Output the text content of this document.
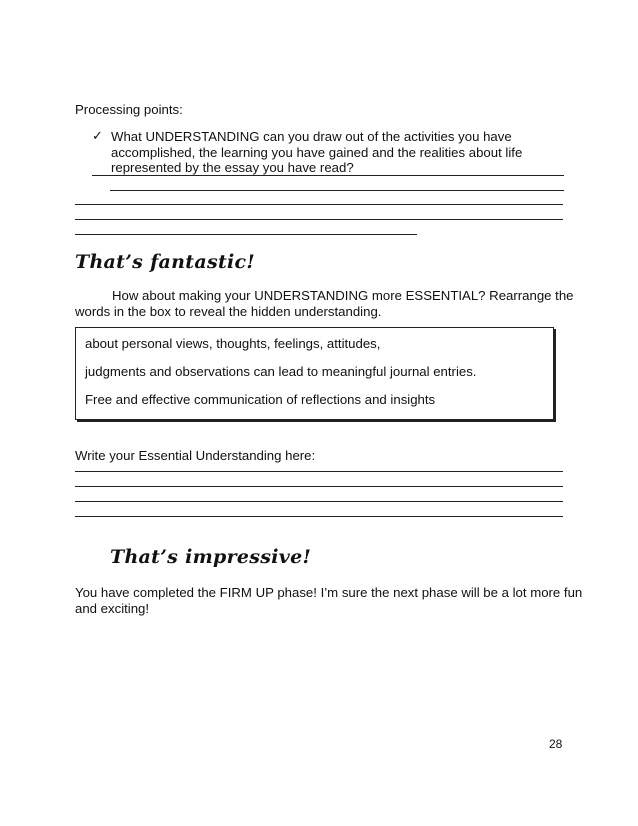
Processing points:
✓ What UNDERSTANDING can you draw out of the activities you have
accomplished, the learning you have gained and the realities about life
represented by the essay you have read?
That’s fantastic!
How about making your UNDERSTANDING more ESSENTIAL? Rearrange the
words in the box to reveal the hidden understanding.
about personal views, thoughts, feelings, attitudes,
judgments and observations can lead to meaningful journal entries.
Free and effective communication of reflections and insights
Write your Essential Understanding here:
That’s impressive!
You have completed the FIRM UP phase! I’m sure the next phase will be a lot more fun
and exciting!
28
